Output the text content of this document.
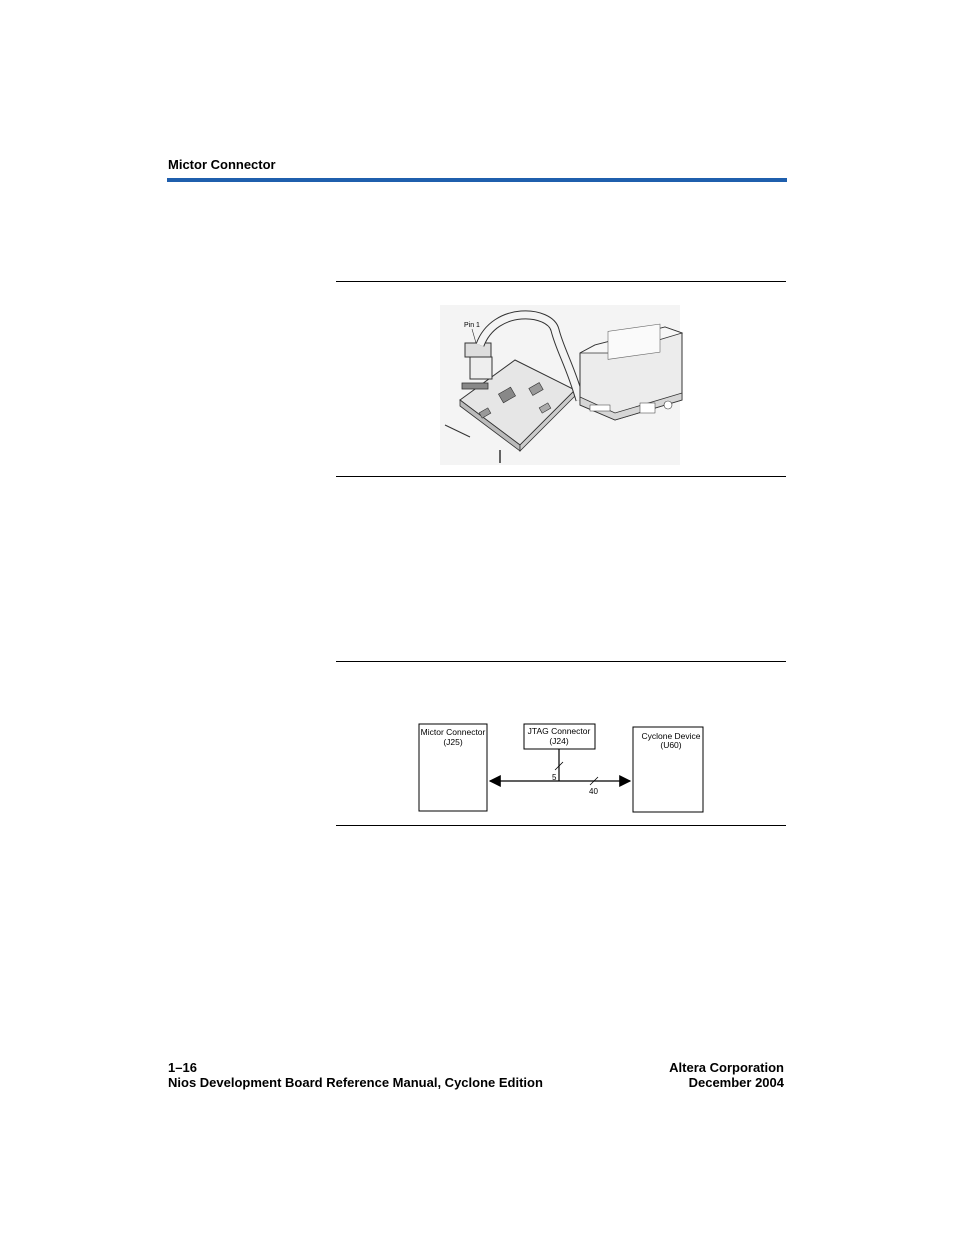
Mictor Connector
Pin 1
Mictor Connector
(J25)
JTAG Connector
(J24)	Cyclone Device
(U60)
40
5
1–16
Nios Development Board Reference Manual, Cyclone Edition
Altera Corporation
December 2004
